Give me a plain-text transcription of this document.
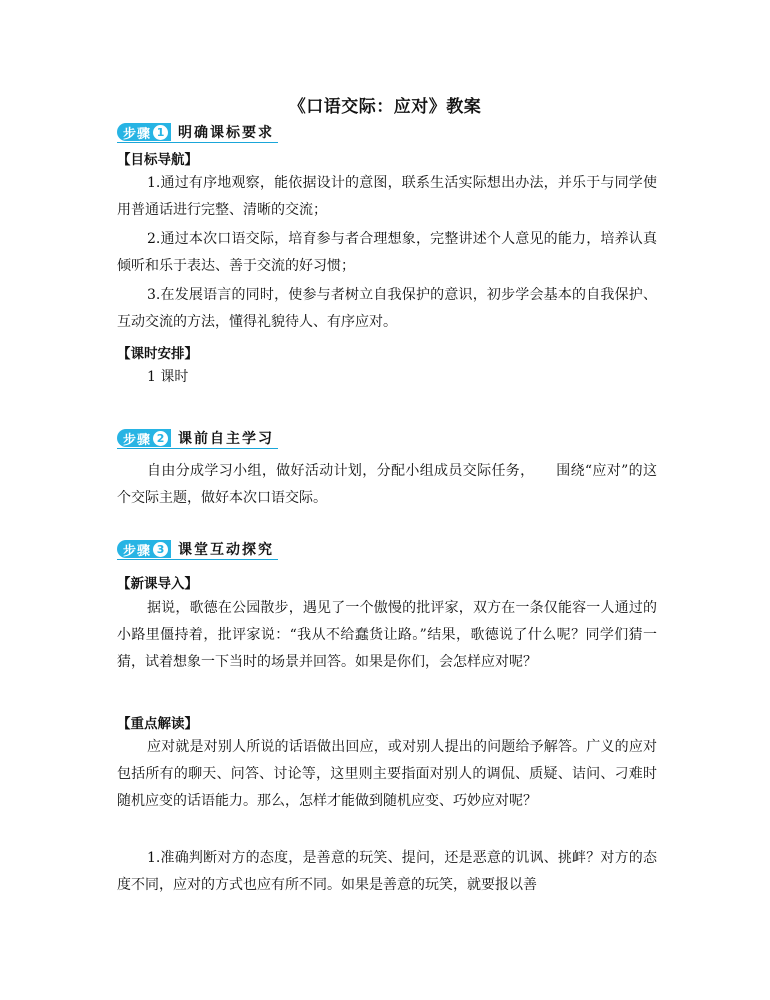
《口语交际：应对》教案
步骤 1 明确课标要求
【目标导航】
1.通过有序地观察，能依据设计的意图，联系生活实际想出办法，并乐于与同学使用普通话进行完整、清晰的交流；
2.通过本次口语交际，培育参与者合理想象，完整讲述个人意见的能力，培养认真倾听和乐于表达、善于交流的好习惯；
3.在发展语言的同时，使参与者树立自我保护的意识，初步学会基本的自我保护、互动交流的方法，懂得礼貌待人、有序应对。
【课时安排】
1 课时
步骤 2 课前自主学习
自由分成学习小组，做好活动计划，分配小组成员交际任务，　　围绕“应对”的这个交际主题，做好本次口语交际。
步骤 3 课堂互动探究
【新课导入】
据说，歌德在公园散步，遇见了一个傲慢的批评家，双方在一条仅能容一人通过的小路里僵持着，批评家说：“我从不给蠢货让路。”结果，歌德说了什么呢？同学们猜一猜，试着想象一下当时的场景并回答。如果是你们，会怎样应对呢？
【重点解读】
应对就是对别人所说的话语做出回应，或对别人提出的问题给予解答。广义的应对包括所有的聊天、问答、讨论等，这里则主要指面对别人的调侃、质疑、诘问、刁难时随机应变的话语能力。那么，怎样才能做到随机应变、巧妙应对呢？
1.准确判断对方的态度，是善意的玩笑、提问，还是恶意的讥讽、挑衅？对方的态度不同，应对的方式也应有所不同。如果是善意的玩笑，就要报以善
